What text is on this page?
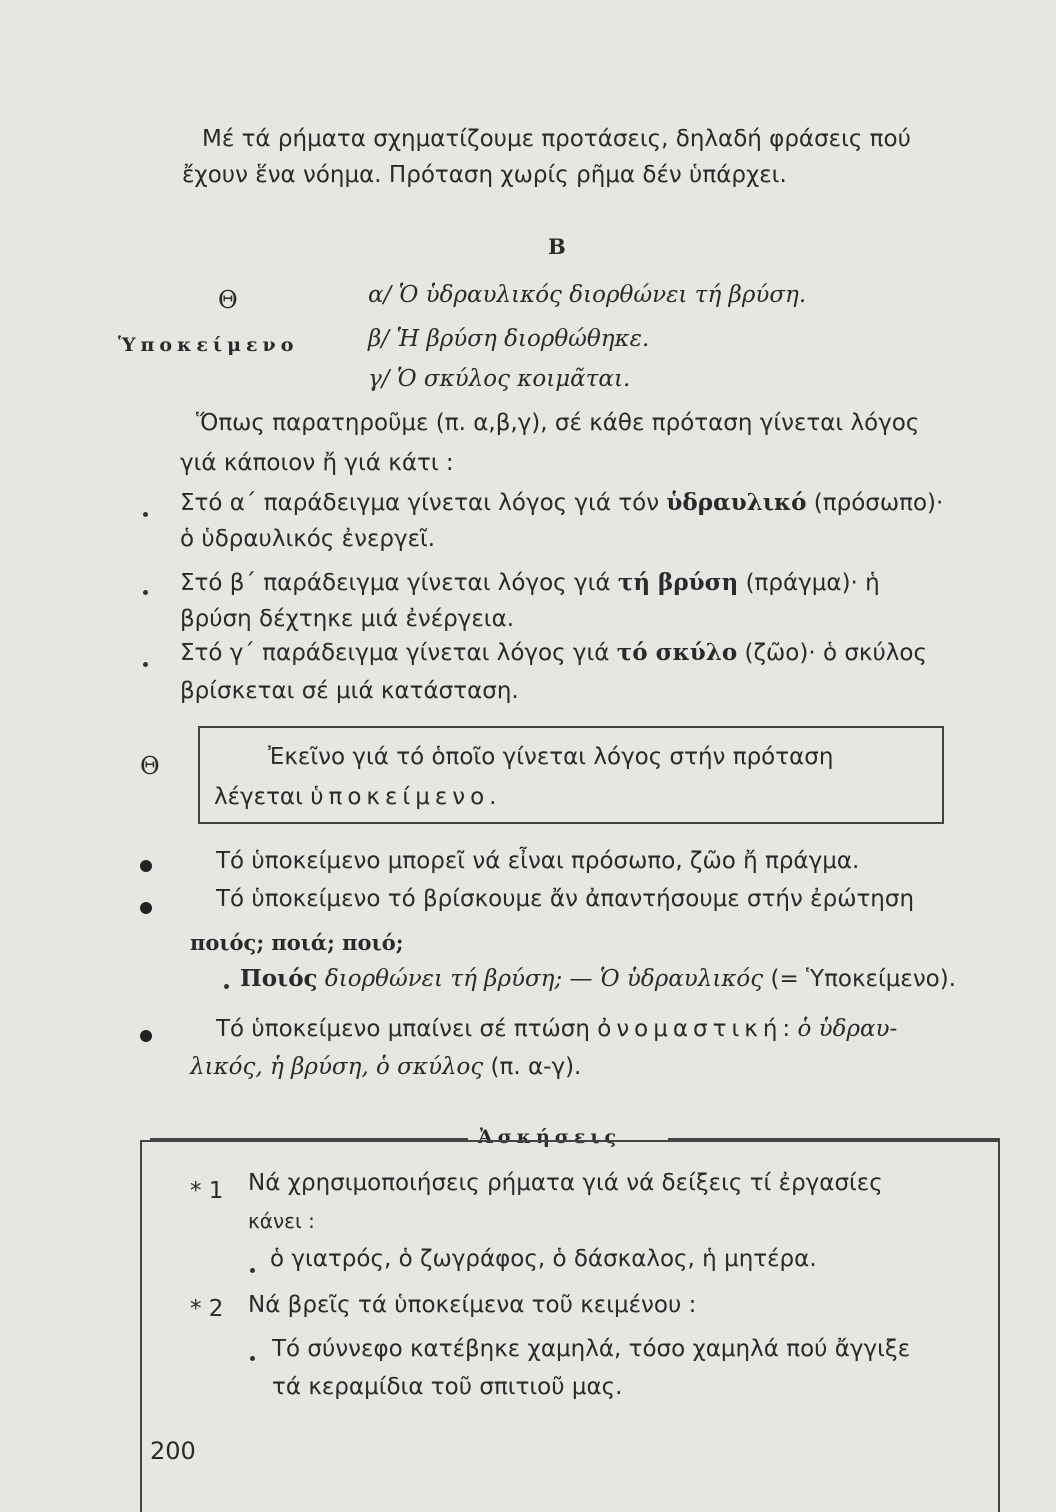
Μέ τά ρήματα σχηματίζουμε προτάσεις, δηλαδή φράσεις πού
ἔχουν ἕνα νόημα. Πρόταση χωρίς ρῆμα δέν ὑπάρχει.
Β
Θ
Ὑποκείμενο
α/ Ὁ ὑδραυλικός διορθώνει τή βρύση.
β/ Ἡ βρύση διορθώθηκε.
γ/ Ὁ σκύλος κοιμᾶται.
Ὅπως παρατηροῦμε (π. α,β,γ), σέ κάθε πρόταση γίνεται λόγος
γιά κάποιον ἤ γιά κάτι :
Στό α΄ παράδειγμα γίνεται λόγος γιά τόν ὑδραυλικό (πρόσωπο)·
ὁ ὑδραυλικός ἐνεργεῖ.
Στό β΄ παράδειγμα γίνεται λόγος γιά τή βρύση (πράγμα)· ἡ
βρύση δέχτηκε μιά ἐνέργεια.
Στό γ΄ παράδειγμα γίνεται λόγος γιά τό σκύλο (ζῶο)· ὁ σκύλος
βρίσκεται σέ μιά κατάσταση.
Θ	Ἐκεῖνο γιά τό ὁποῖο γίνεται λόγος στήν πρόταση
λέγεται ὑποκείμενο.
Τό ὑποκείμενο μπορεῖ νά εἶναι πρόσωπο, ζῶο ἤ πράγμα.
Τό ὑποκείμενο τό βρίσκουμε ἄν ἀπαντήσουμε στήν ἐρώτηση
ποιός; ποιά; ποιό;
Ποιός διορθώνει τή βρύση; — Ὁ ὑδραυλικός (= Ὑποκείμενο).
Τό ὑποκείμενο μπαίνει σέ πτώση ὀνομαστική: ὁ ὑδραυ-
λικός, ἡ βρύση, ὁ σκύλος (π. α-γ).
Ἀσκήσεις
* 1 Νά χρησιμοποιήσεις ρήματα γιά νά δείξεις τί ἐργασίες
κάνει :
ὁ γιατρός, ὁ ζωγράφος, ὁ δάσκαλος, ἡ μητέρα.
* 2 Νά βρεῖς τά ὑποκείμενα τοῦ κειμένου :
Τό σύννεφο κατέβηκε χαμηλά, τόσο χαμηλά πού ἄγγιξε
τά κεραμίδια τοῦ σπιτιοῦ μας.
200
